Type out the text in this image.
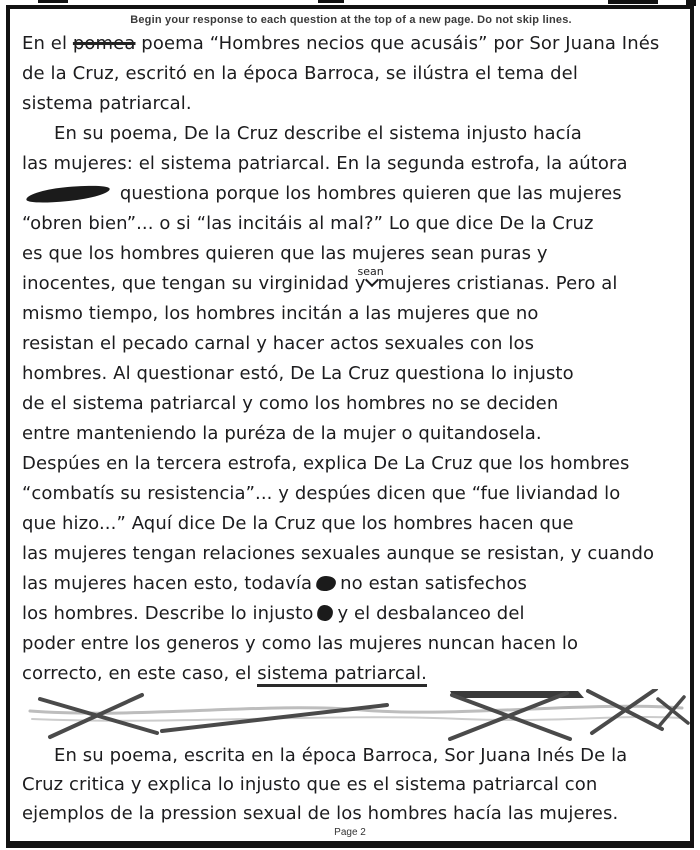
Begin your response to each question at the top of a new page. Do not skip lines.
En el pomea poema “Hombres necios que acusáis” por Sor Juana Inés
de la Cruz, escritó en la época Barroca, se ilústra el tema del
sistema patriarcal.
En su poema, De la Cruz describe el sistema injusto hacía
las mujeres: el sistema patriarcal. En la segunda estrofa, la aútora
questiona porque los hombres quieren que las mujeres
“obren bien”... o si “las incitáis al mal?” Lo que dice De la Cruz
es que los hombres quieren que las mujeres sean puras y
inocentes, que tengan su virginidad y
sean
mujeres cristianas. Pero al
mismo tiempo, los hombres incitán a las mujeres que no
resistan el pecado carnal y hacer actos sexuales con los
hombres. Al questionar estó, De La Cruz questiona lo injusto
de el sistema patriarcal y como los hombres no se deciden
entre manteniendo la puréza de la mujer o quitandosela.
Despúes en la tercera estrofa, explica De La Cruz que los hombres
“combatís su resistencia”... y despúes dicen que “fue liviandad lo
que hizo...” Aquí dice De la Cruz que los hombres hacen que
las mujeres tengan relaciones sexuales aunque se resistan, y cuando
las mujeres hacen esto, todavía no estan satisfechos
los hombres. Describe lo injusto y el desbalanceo del
poder entre los generos y como las mujeres nuncan hacen lo
correcto, en este caso, el sistema patriarcal.
En su poema, escrita en la época Barroca, Sor Juana Inés De la
Cruz critica y explica lo injusto que es el sistema patriarcal con
ejemplos de la pression sexual de los hombres hacía las mujeres.
Page 2
